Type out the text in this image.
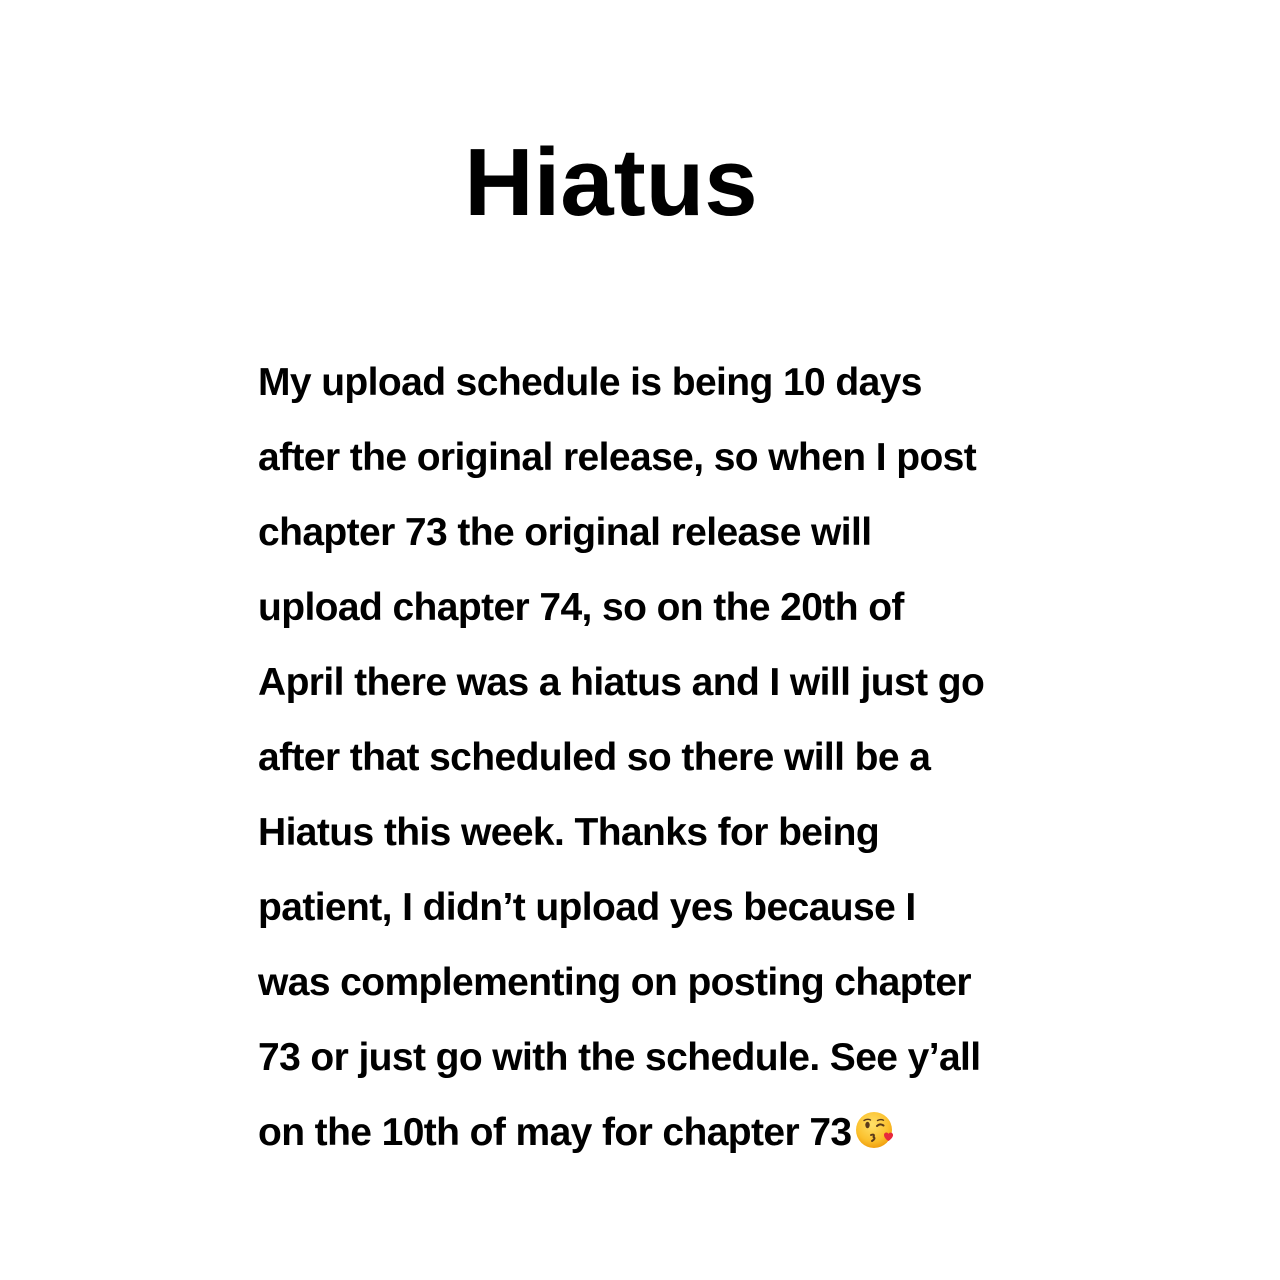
Hiatus
My upload schedule is being 10 days
after the original release, so when I post
chapter 73 the original release will
upload chapter 74, so on the 20th of
April there was a hiatus and I will just go
after that scheduled so there will be a
Hiatus this week. Thanks for being
patient, I didn’t upload yes because I
was complementing on posting chapter
73 or just go with the schedule. See y’all
on the 10th of may for chapter 73
